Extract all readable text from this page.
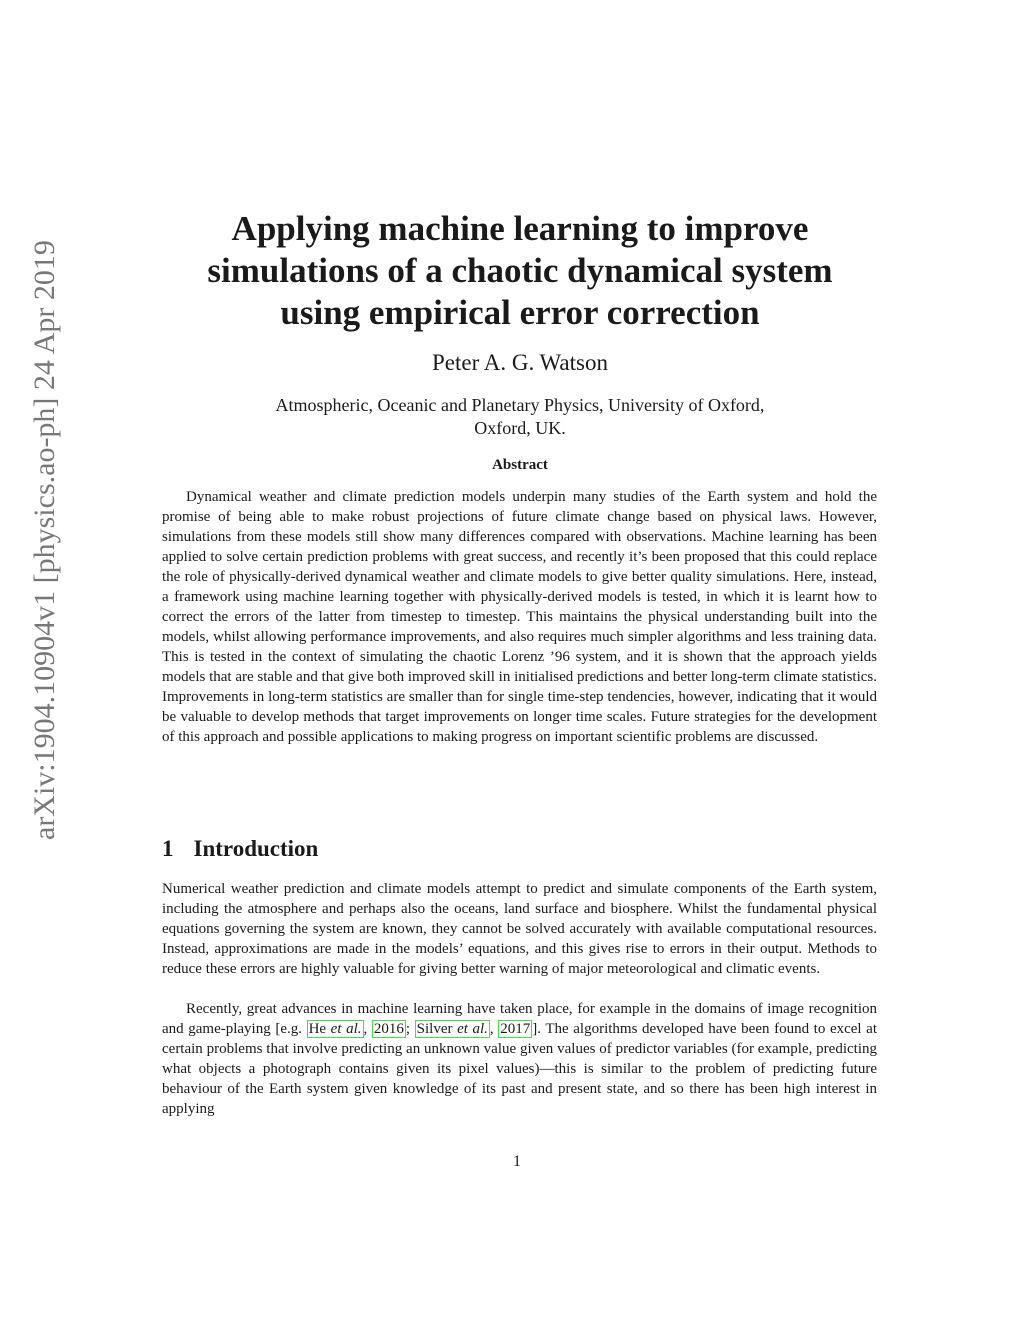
arXiv:1904.10904v1 [physics.ao-ph] 24 Apr 2019
Applying machine learning to improve
simulations of a chaotic dynamical system
using empirical error correction
Peter A. G. Watson
Atmospheric, Oceanic and Planetary Physics, University of Oxford,
Oxford, UK.
Abstract

Dynamical weather and climate prediction models underpin many studies of the Earth system and hold the promise of being able to make robust projections of future climate change based on physical laws. However, simulations from these models still show many differences compared with observations. Machine learning has been applied to solve certain prediction problems with great success, and recently it’s been proposed that this could replace the role of physically-derived dynamical weather and climate models to give better quality simulations. Here, instead, a framework using machine learning together with physically-derived models is tested, in which it is learnt how to correct the errors of the latter from timestep to timestep. This maintains the physical understanding built into the models, whilst allowing performance improvements, and also requires much simpler algorithms and less training data. This is tested in the context of simulating the chaotic Lorenz ’96 system, and it is shown that the approach yields models that are stable and that give both improved skill in initialised predictions and better long-term climate statistics. Improvements in long-term statistics are smaller than for single time-step tendencies, however, indicating that it would be valuable to develop methods that target improvements on longer time scales. Future strategies for the development of this approach and possible applications to making progress on important scientific problems are discussed.

1 Introduction

Numerical weather prediction and climate models attempt to predict and simulate components of the Earth system, including the atmosphere and perhaps also the oceans, land surface and biosphere. Whilst the fundamental physical equations governing the system are known, they cannot be solved accurately with available computational resources. Instead, approximations are made in the models’ equations, and this gives rise to errors in their output. Methods to reduce these errors are highly valuable for giving better warning of major meteorological and climatic events.

Recently, great advances in machine learning have taken place, for example in the domains of image recognition and game-playing [e.g. He et al. , 2016 ; Silver et al. , 2017 ]. The algorithms developed have been found to excel at certain problems that involve predicting an unknown value given values of predictor variables (for example, predicting what objects a photograph contains given its pixel values)—this is similar to the problem of predicting future behaviour of the Earth system given knowledge of its past and present state, and so there has been high interest in applying

1
